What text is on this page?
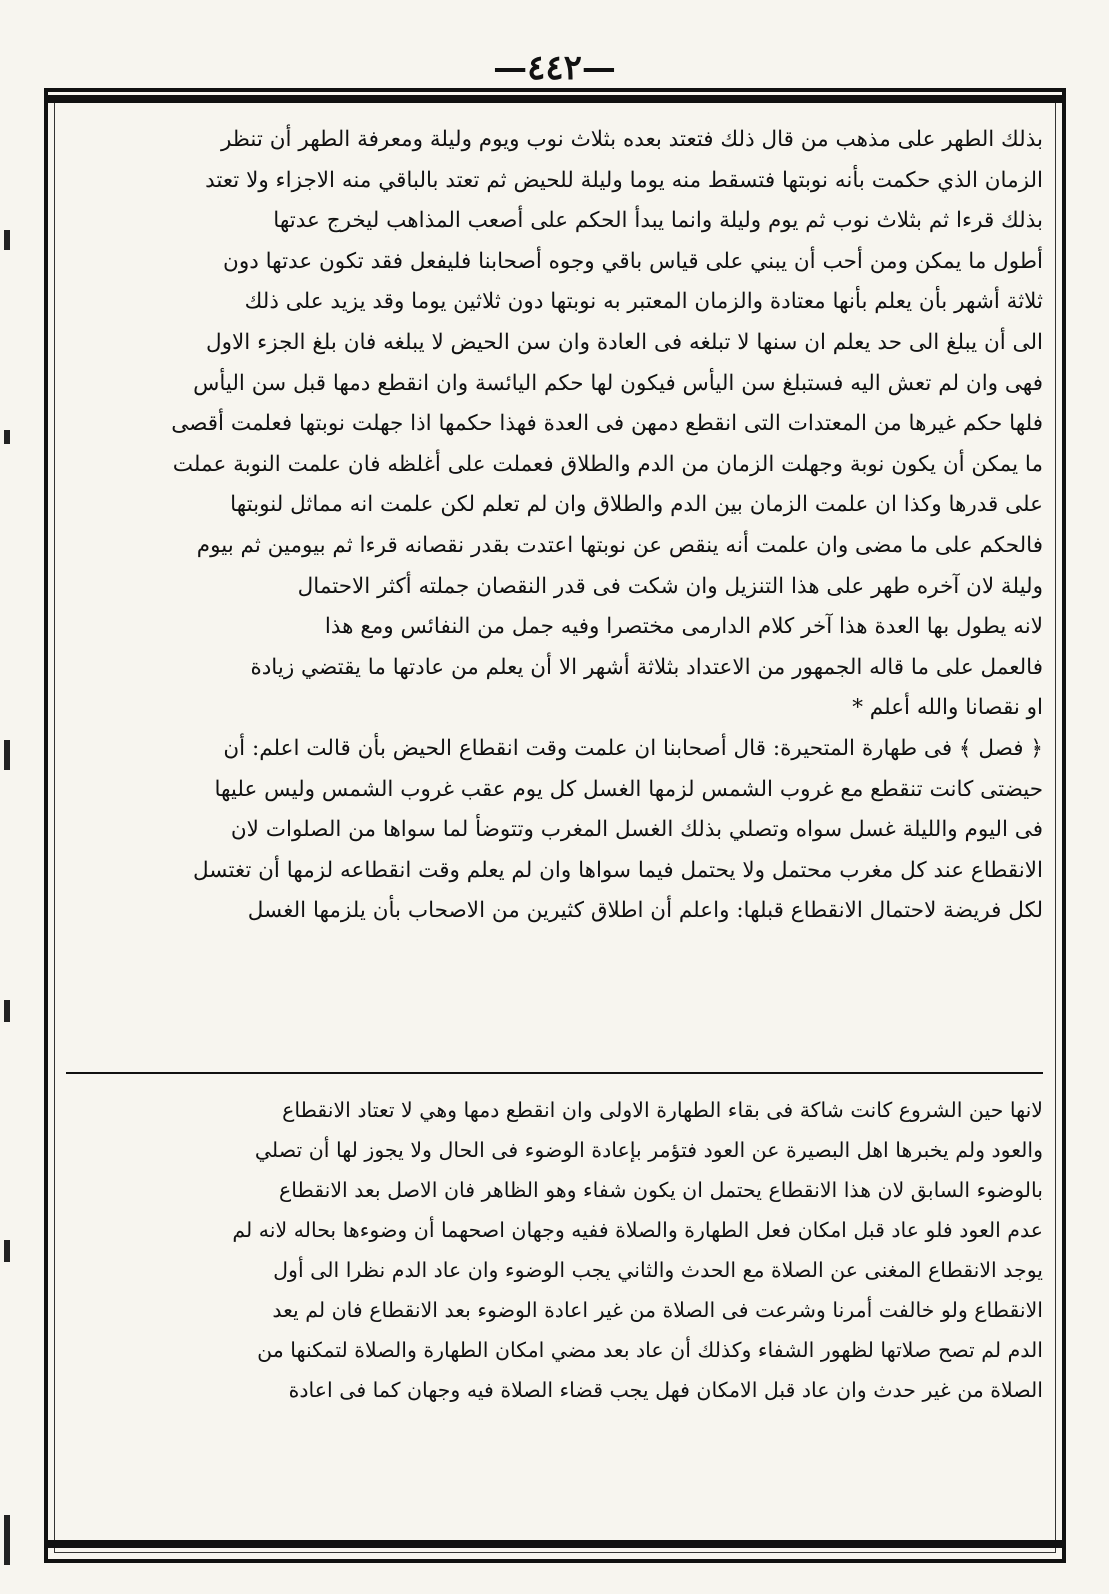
—٤٤٢—
بذلك الطهر على مذهب من قال ذلك فتعتد بعده بثلاث نوب ويوم وليلة ومعرفة الطهر أن تنظر
الزمان الذي حكمت بأنه نوبتها فتسقط منه يوما وليلة للحيض ثم تعتد بالباقي منه الاجزاء ولا تعتد
بذلك قرءا ثم بثلاث نوب ثم يوم وليلة وانما يبدأ الحكم على أصعب المذاهب ليخرج عدتها
أطول ما يمكن ومن أحب أن يبني على قياس باقي وجوه أصحابنا فليفعل فقد تكون عدتها دون
ثلاثة أشهر بأن يعلم بأنها معتادة والزمان المعتبر به نوبتها دون ثلاثين يوما وقد يزيد على ذلك
الى أن يبلغ الى حد يعلم ان سنها لا تبلغه فى العادة وان سن الحيض لا يبلغه فان بلغ الجزء الاول
فهى وان لم تعش اليه فستبلغ سن اليأس فيكون لها حكم اليائسة وان انقطع دمها قبل سن اليأس
فلها حكم غيرها من المعتدات التى انقطع دمهن فى العدة فهذا حكمها اذا جهلت نوبتها فعلمت أقصى
ما يمكن أن يكون نوبة وجهلت الزمان من الدم والطلاق فعملت على أغلظه فان علمت النوبة عملت
على قدرها وكذا ان علمت الزمان بين الدم والطلاق وان لم تعلم لكن علمت انه مماثل لنوبتها
فالحكم على ما مضى وان علمت أنه ينقص عن نوبتها اعتدت بقدر نقصانه قرءا ثم بيومين ثم بيوم
وليلة لان آخره طهر على هذا التنزيل وان شكت فى قدر النقصان جملته أكثر الاحتمال
لانه يطول بها العدة هذا آخر كلام الدارمى مختصرا وفيه جمل من النفائس ومع هذا
فالعمل على ما قاله الجمهور من الاعتداد بثلاثة أشهر الا أن يعلم من عادتها ما يقتضي زيادة
او نقصانا والله أعلم *
﴿ فصل ﴾ فى طهارة المتحيرة: قال أصحابنا ان علمت وقت انقطاع الحيض بأن قالت اعلم: أن
حيضتى كانت تنقطع مع غروب الشمس لزمها الغسل كل يوم عقب غروب الشمس وليس عليها
فى اليوم والليلة غسل سواه وتصلي بذلك الغسل المغرب وتتوضأ لما سواها من الصلوات لان
الانقطاع عند كل مغرب محتمل ولا يحتمل فيما سواها وان لم يعلم وقت انقطاعه لزمها أن تغتسل
لكل فريضة لاحتمال الانقطاع قبلها: واعلم أن اطلاق كثيرين من الاصحاب بأن يلزمها الغسل
لانها حين الشروع كانت شاكة فى بقاء الطهارة الاولى وان انقطع دمها وهي لا تعتاد الانقطاع
والعود ولم يخبرها اهل البصيرة عن العود فتؤمر بإعادة الوضوء فى الحال ولا يجوز لها أن تصلي
بالوضوء السابق لان هذا الانقطاع يحتمل ان يكون شفاء وهو الظاهر فان الاصل بعد الانقطاع
عدم العود فلو عاد قبل امكان فعل الطهارة والصلاة ففيه وجهان اصحهما أن وضوءها بحاله لانه لم
يوجد الانقطاع المغنى عن الصلاة مع الحدث والثاني يجب الوضوء وان عاد الدم نظرا الى أول
الانقطاع ولو خالفت أمرنا وشرعت فى الصلاة من غير اعادة الوضوء بعد الانقطاع فان لم يعد
الدم لم تصح صلاتها لظهور الشفاء وكذلك أن عاد بعد مضي امكان الطهارة والصلاة لتمكنها من
الصلاة من غير حدث وان عاد قبل الامكان فهل يجب قضاء الصلاة فيه وجهان كما فى اعادة
